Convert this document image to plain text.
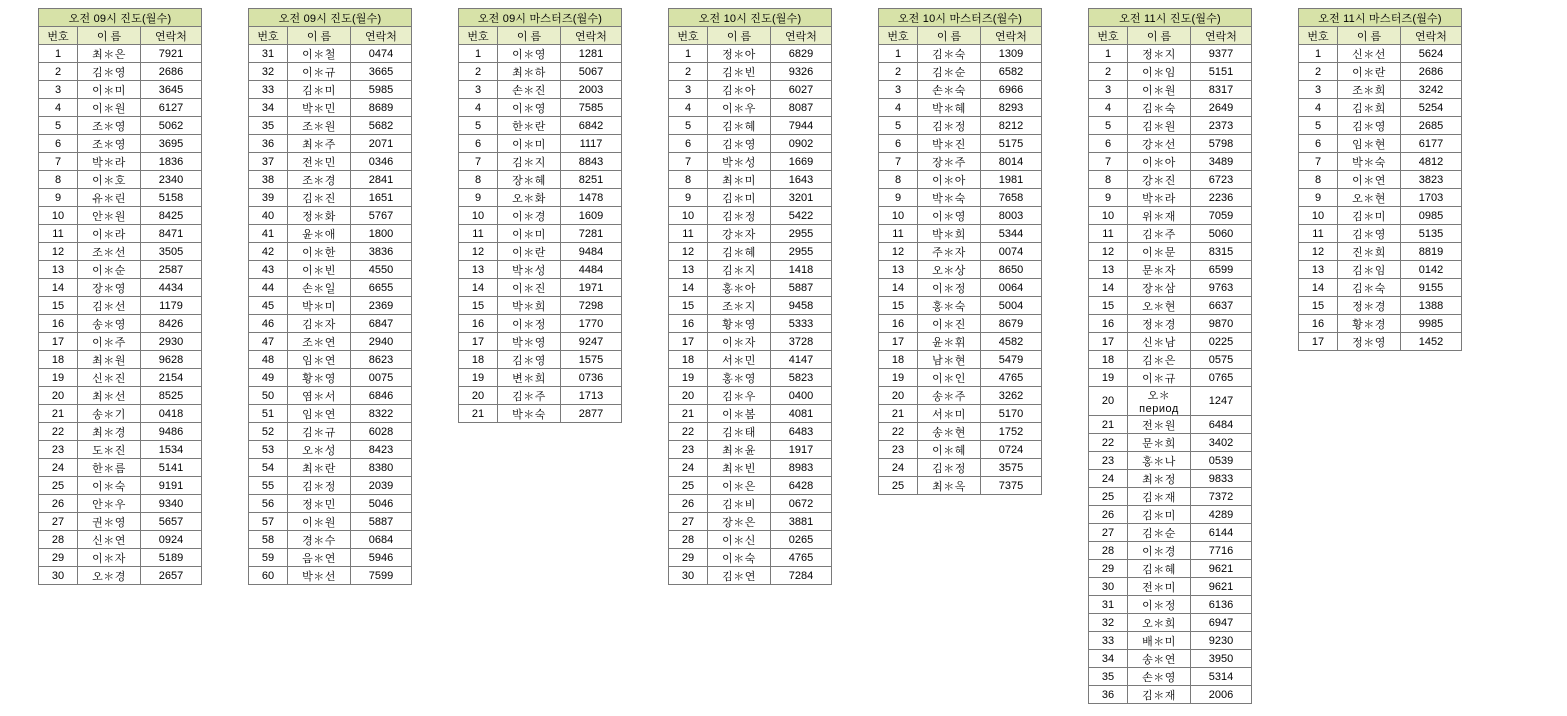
오전 09시 진도(월수)		
번호	이 름	연락처
1	최＊은	7921
2	김＊영	2686
3	이＊미	3645
4	이＊원	6127
5	조＊영	5062
6	조＊영	3695
7	박＊라	1836
8	이＊호	2340
9	유＊린	5158
10	안＊원	8425
11	이＊라	8471
12	조＊선	3505
13	이＊순	2587
14	장＊영	4434
15	김＊선	1179
16	송＊영	8426
17	이＊주	2930
18	최＊원	9628
19	신＊진	2154
20	최＊선	8525
21	송＊기	0418
22	최＊경	9486
23	도＊진	1534
24	한＊름	5141
25	이＊숙	9191
26	안＊우	9340
27	권＊영	5657
28	신＊연	0924
29	이＊자	5189
30	오＊경	2657
오전 09시 진도(월수)		
번호	이 름	연락처
31	이＊철	0474
32	이＊규	3665
33	김＊미	5985
34	박＊민	8689
35	조＊원	5682
36	최＊주	2071
37	전＊민	0346
38	조＊경	2841
39	김＊진	1651
40	정＊화	5767
41	윤＊애	1800
42	이＊한	3836
43	이＊빈	4550
44	손＊일	6655
45	박＊미	2369
46	김＊자	6847
47	조＊연	2940
48	임＊연	8623
49	황＊영	0075
50	염＊서	6846
51	임＊연	8322
52	김＊규	6028
53	오＊성	8423
54	최＊란	8380
55	김＊정	2039
56	정＊민	5046
57	이＊원	5887
58	경＊수	0684
59	음＊연	5946
60	박＊선	7599
오전 09시 마스터즈(월수)		
번호	이 름	연락처
1	이＊영	1281
2	최＊하	5067
3	손＊진	2003
4	이＊영	7585
5	한＊란	6842
6	이＊미	1117
7	김＊지	8843
8	장＊혜	8251
9	오＊화	1478
10	이＊경	1609
11	이＊미	7281
12	이＊란	9484
13	박＊성	4484
14	이＊진	1971
15	박＊희	7298
16	이＊정	1770
17	박＊영	9247
18	김＊영	1575
19	변＊희	0736
20	김＊주	1713
21	박＊숙	2877
오전 10시 진도(월수)		
번호	이 름	연락처
1	정＊아	6829
2	김＊빈	9326
3	김＊아	6027
4	이＊우	8087
5	김＊혜	7944
6	김＊영	0902
7	박＊성	1669
8	최＊미	1643
9	김＊미	3201
10	김＊정	5422
11	강＊자	2955
12	김＊혜	2955
13	김＊지	1418
14	홍＊아	5887
15	조＊지	9458
16	황＊영	5333
17	이＊자	3728
18	서＊민	4147
19	홍＊영	5823
20	김＊우	0400
21	이＊봄	4081
22	김＊태	6483
23	최＊윤	1917
24	최＊빈	8983
25	이＊은	6428
26	김＊비	0672
27	장＊은	3881
28	이＊신	0265
29	이＊숙	4765
30	김＊연	7284
오전 10시 마스터즈(월수)		
번호	이 름	연락처
1	김＊숙	1309
2	김＊순	6582
3	손＊숙	6966
4	박＊혜	8293
5	김＊정	8212
6	박＊진	5175
7	장＊주	8014
8	이＊아	1981
9	박＊숙	7658
10	이＊영	8003
11	박＊희	5344
12	주＊자	0074
13	오＊상	8650
14	이＊정	0064
15	홍＊숙	5004
16	이＊진	8679
17	윤＊휘	4582
18	남＊현	5479
19	이＊인	4765
20	송＊주	3262
21	서＊미	5170
22	송＊현	1752
23	이＊혜	0724
24	김＊정	3575
25	최＊옥	7375
오전 11시 진도(월수)		
번호	이 름	연락처
1	정＊지	9377
2	이＊임	5151
3	이＊원	8317
4	김＊숙	2649
5	김＊원	2373
6	강＊선	5798
7	이＊아	3489
8	강＊진	6723
9	박＊라	2236
10	위＊재	7059
11	김＊주	5060
12	이＊문	8315
13	문＊자	6599
14	장＊삼	9763
15	오＊현	6637
16	정＊경	9870
17	신＊남	0225
18	김＊은	0575
19	이＊규	0765
20	오＊период	1247
21	전＊원	6484
22	문＊희	3402
23	홍＊나	0539
24	최＊정	9833
25	김＊재	7372
26	김＊미	4289
27	김＊순	6144
28	이＊경	7716
29	김＊혜	9621
30	전＊미	9621
31	이＊정	6136
32	오＊희	6947
33	배＊미	9230
34	송＊연	3950
35	손＊영	5314
36	김＊재	2006
오전 11시 마스터즈(월수)		
번호	이 름	연락처
1	신＊선	5624
2	이＊란	2686
3	조＊희	3242
4	김＊희	5254
5	김＊영	2685
6	임＊현	6177
7	박＊숙	4812
8	이＊연	3823
9	오＊현	1703
10	김＊미	0985
11	김＊영	5135
12	진＊희	8819
13	김＊임	0142
14	김＊숙	9155
15	정＊경	1388
16	황＊경	9985
17	정＊영	1452
